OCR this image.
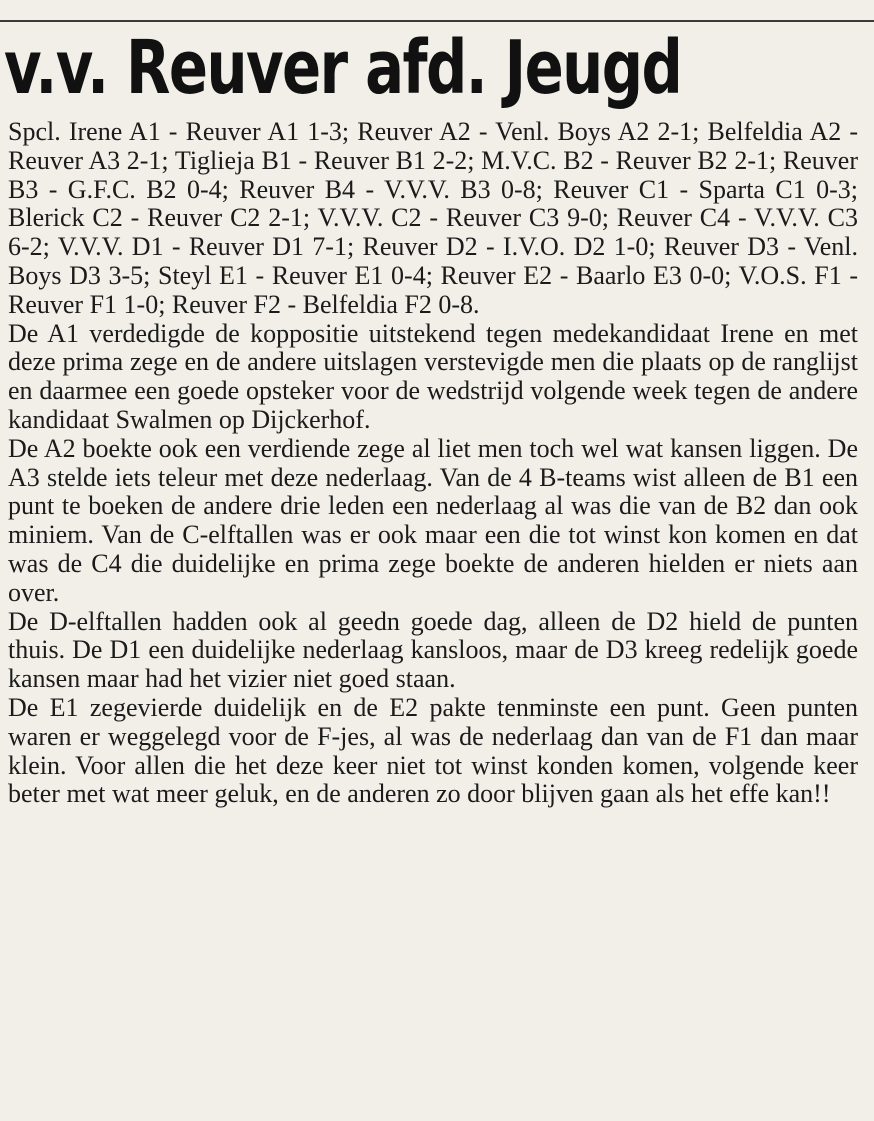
v.v. Reuver afd. Jeugd

Spcl. Irene A1 - Reuver A1 1-3; Reuver A2 - Venl. Boys A2 2-1; Belfeldia A2 - Reuver A3 2-1; Tiglieja B1 - Reuver B1 2-2; M.V.C. B2 - Reuver B2 2-1; Reuver B3 - G.F.C. B2 0-4; Reuver B4 - V.V.V. B3 0-8; Reuver C1 - Sparta C1 0-3; Blerick C2 - Reuver C2 2-1; V.V.V. C2 - Reuver C3 9-0; Reuver C4 - V.V.V. C3 6-2; V.V.V. D1 - Reuver D1 7-1; Reuver D2 - I.V.O. D2 1-0; Reuver D3 - Venl. Boys D3 3-5; Steyl E1 - Reuver E1 0-4; Reuver E2 - Baarlo E3 0-0; V.O.S. F1 - Reuver F1 1-0; Reuver F2 - Belfeldia F2 0-8.

De A1 verdedigde de koppositie uitstekend tegen medekandidaat Irene en met deze prima zege en de andere uitslagen verstevigde men die plaats op de ranglijst en daarmee een goede opsteker voor de wedstrijd volgende week tegen de andere kandidaat Swalmen op Dijckerhof.

De A2 boekte ook een verdiende zege al liet men toch wel wat kansen liggen. De A3 stelde iets teleur met deze nederlaag. Van de 4 B-teams wist alleen de B1 een punt te boeken de andere drie leden een nederlaag al was die van de B2 dan ook miniem. Van de C-elftallen was er ook maar een die tot winst kon komen en dat was de C4 die duidelijke en prima zege boekte de anderen hielden er niets aan over.

De D-elftallen hadden ook al geedn goede dag, alleen de D2 hield de punten thuis. De D1 een duidelijke nederlaag kansloos, maar de D3 kreeg redelijk goede kansen maar had het vizier niet goed staan.

De E1 zegevierde duidelijk en de E2 pakte tenminste een punt. Geen punten waren er weggelegd voor de F-jes, al was de nederlaag dan van de F1 dan maar klein. Voor allen die het deze keer niet tot winst konden komen, volgende keer beter met wat meer geluk, en de anderen zo door blijven gaan als het effe kan!!
